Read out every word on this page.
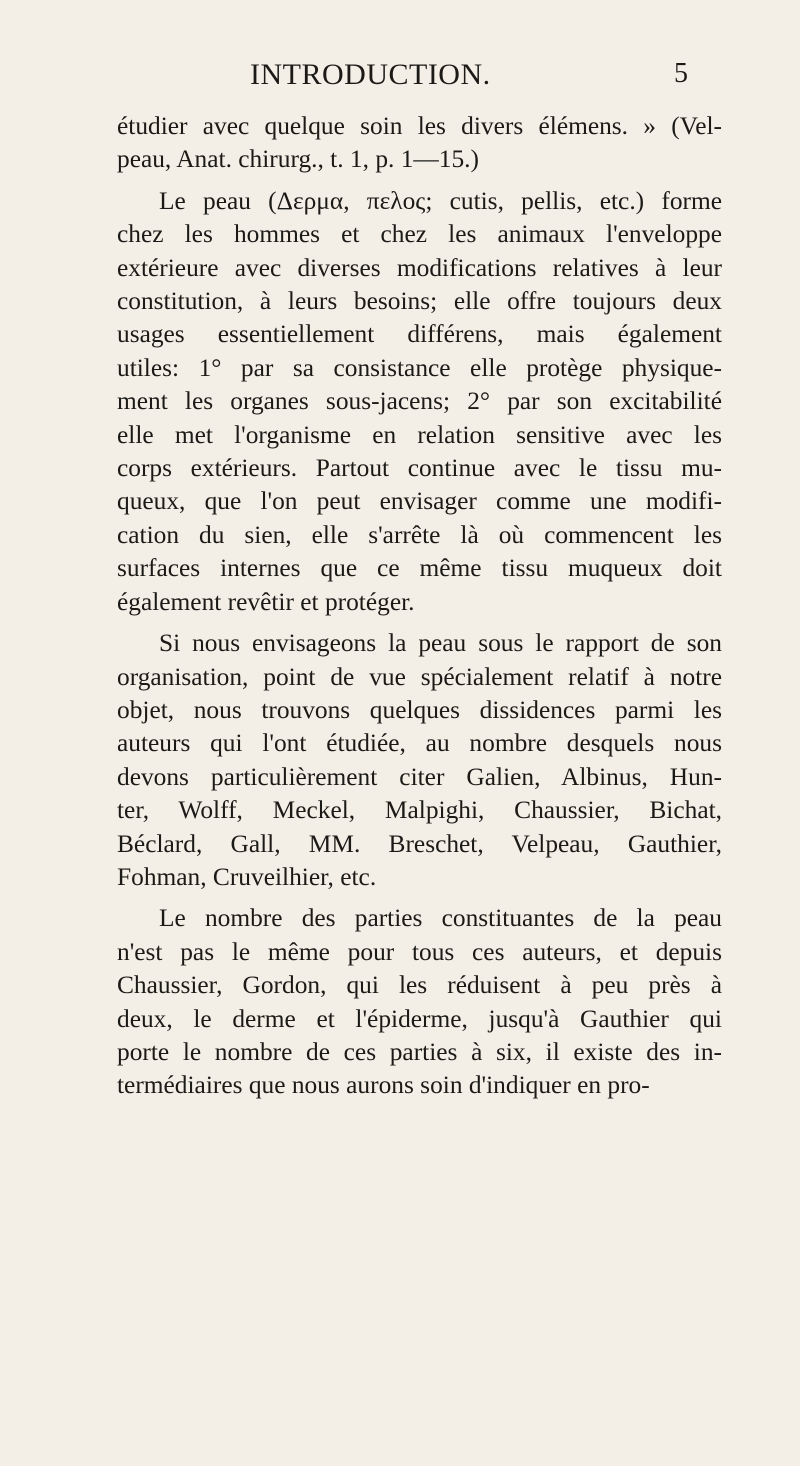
INTRODUCTION.	5

étudier avec quelque soin les divers élémens. » (Vel-
peau, Anat. chirurg., t. 1, p. 1—15.)

Le peau (Δερμα, πελος; cutis, pellis, etc.) forme
chez les hommes et chez les animaux l'enveloppe
extérieure avec diverses modifications relatives à leur
constitution, à leurs besoins; elle offre toujours deux
usages essentiellement différens, mais également
utiles: 1° par sa consistance elle protège physique-
ment les organes sous-jacens; 2° par son excitabilité
elle met l'organisme en relation sensitive avec les
corps extérieurs. Partout continue avec le tissu mu-
queux, que l'on peut envisager comme une modifi-
cation du sien, elle s'arrête là où commencent les
surfaces internes que ce même tissu muqueux doit
également revêtir et protéger.

Si nous envisageons la peau sous le rapport de son
organisation, point de vue spécialement relatif à notre
objet, nous trouvons quelques dissidences parmi les
auteurs qui l'ont étudiée, au nombre desquels nous
devons particulièrement citer Galien, Albinus, Hun-
ter, Wolff, Meckel, Malpighi, Chaussier, Bichat,
Béclard, Gall, MM. Breschet, Velpeau, Gauthier,
Fohman, Cruveilhier, etc.

Le nombre des parties constituantes de la peau
n'est pas le même pour tous ces auteurs, et depuis
Chaussier, Gordon, qui les réduisent à peu près à
deux, le derme et l'épiderme, jusqu'à Gauthier qui
porte le nombre de ces parties à six, il existe des in-
termédiaires que nous aurons soin d'indiquer en pro-
